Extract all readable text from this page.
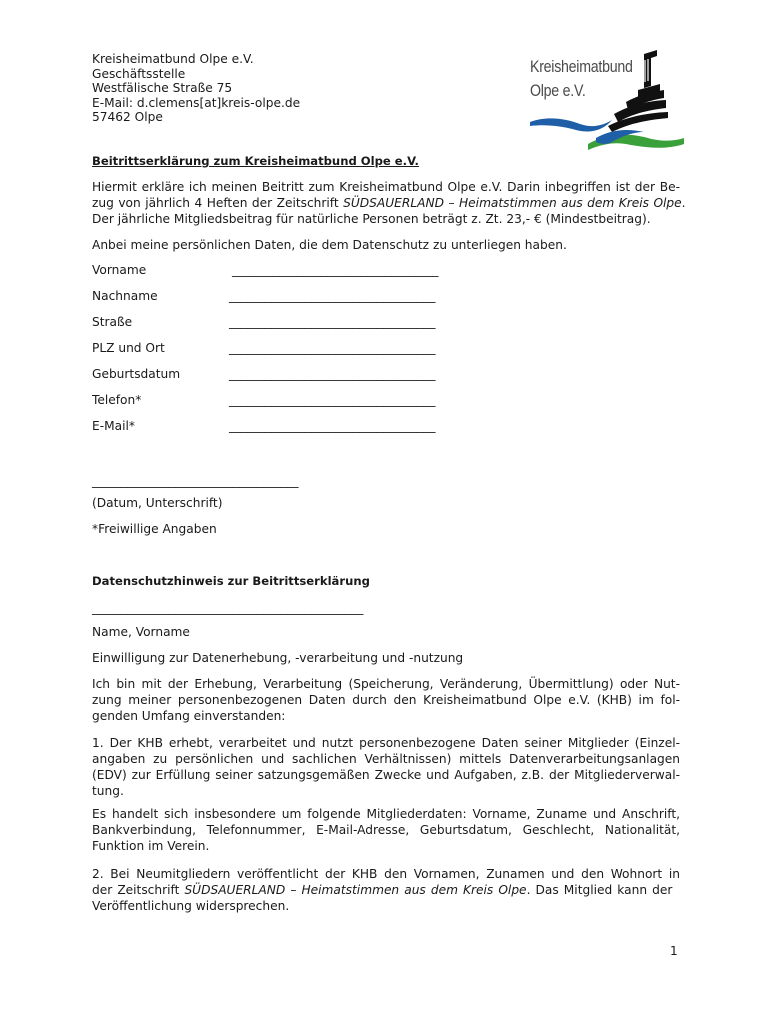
Kreisheimatbund Olpe e.V.
Geschäftsstelle
Westfälische Straße 75
E-Mail: d.clemens[at]kreis-olpe.de
57462 Olpe
Kreisheimatbund
Olpe e.V.
Beitrittserklärung zum Kreisheimatbund Olpe e.V.
Hiermit erkläre ich meinen Beitritt zum Kreisheimatbund Olpe e.V. Darin inbegriffen ist der Be-
zug von jährlich 4 Heften der Zeitschrift SÜDSAUERLAND – Heimatstimmen aus dem Kreis Olpe.
Der jährliche Mitgliedsbeitrag für natürliche Personen beträgt z. Zt. 23,- € (Mindestbeitrag).
Anbei meine persönlichen Daten, die dem Datenschutz zu unterliegen haben.
Vorname	___________________________________
Nachname	___________________________________
Straße	___________________________________
PLZ und Ort	___________________________________
Geburtsdatum	___________________________________
Telefon*	___________________________________
E-Mail*	___________________________________
___________________________________
(Datum, Unterschrift)
*Freiwillige Angaben
Datenschutzhinweis zur Beitrittserklärung
______________________________________________
Name, Vorname
Einwilligung zur Datenerhebung, -verarbeitung und -nutzung
Ich bin mit der Erhebung, Verarbeitung (Speicherung, Veränderung, Übermittlung) oder Nut-
zung meiner personenbezogenen Daten durch den Kreisheimatbund Olpe e.V. (KHB) im fol-
genden Umfang einverstanden:
1. Der KHB erhebt, verarbeitet und nutzt personenbezogene Daten seiner Mitglieder (Einzel-
angaben zu persönlichen und sachlichen Verhältnissen) mittels Datenverarbeitungsanlagen
(EDV) zur Erfüllung seiner satzungsgemäßen Zwecke und Aufgaben, z.B. der Mitgliederverwal-
tung.
Es handelt sich insbesondere um folgende Mitgliederdaten: Vorname, Zuname und Anschrift,
Bankverbindung, Telefonnummer, E-Mail-Adresse, Geburtsdatum, Geschlecht, Nationalität,
Funktion im Verein.
2. Bei Neumitgliedern veröffentlicht der KHB den Vornamen, Zunamen und den Wohnort in
der Zeitschrift SÜDSAUERLAND – Heimatstimmen aus dem Kreis Olpe. Das Mitglied kann der
Veröffentlichung widersprechen.
1
